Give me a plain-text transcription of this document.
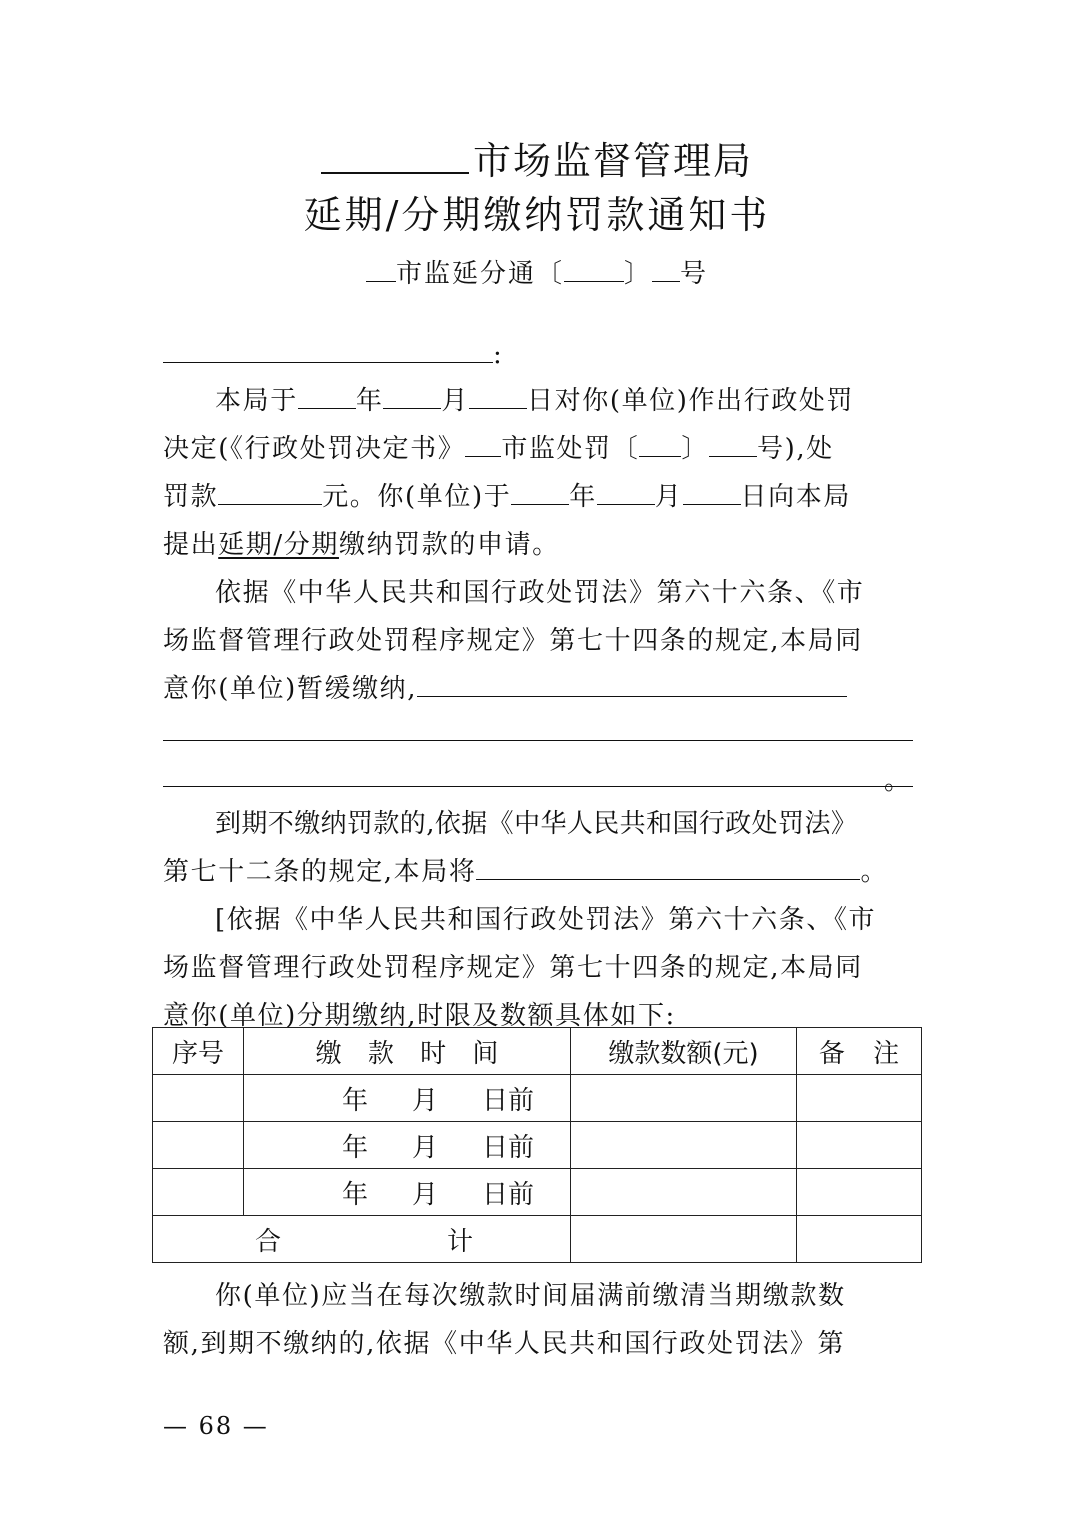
市场监督管理局
延期/分期缴纳罚款通知书
市监延分通〔 〕 号
:
本局于 年 月 日对你(单位)作出行政处罚
决定(《行政处罚决定书》 市监处罚〔 〕 号),处
罚款	元。你(单位)于 年 月 日向本局
提出延期/分期缴纳罚款的申请。
依据《中华人民共和国行政处罚法》第六十六条、《市
场监督管理行政处罚程序规定》第七十四条的规定,本局同
意你(单位)暂缓缴纳,
。
到期不缴纳罚款的,依据《中华人民共和国行政处罚法》
第七十二条的规定,本局将	。
[依据《中华人民共和国行政处罚法》第六十六条、《市
场监督管理行政处罚程序规定》第七十四条的规定,本局同
意你(单位)分期缴纳,时限及数额具体如下:
序号	缴 款 时 间	缴款数额(元)	备 注
	年 月 日前		
	年 月 日前		
	年 月 日前		
合 计			
你(单位)应当在每次缴款时间届满前缴清当期缴款数
额,到期不缴纳的,依据《中华人民共和国行政处罚法》第
— 68 —
